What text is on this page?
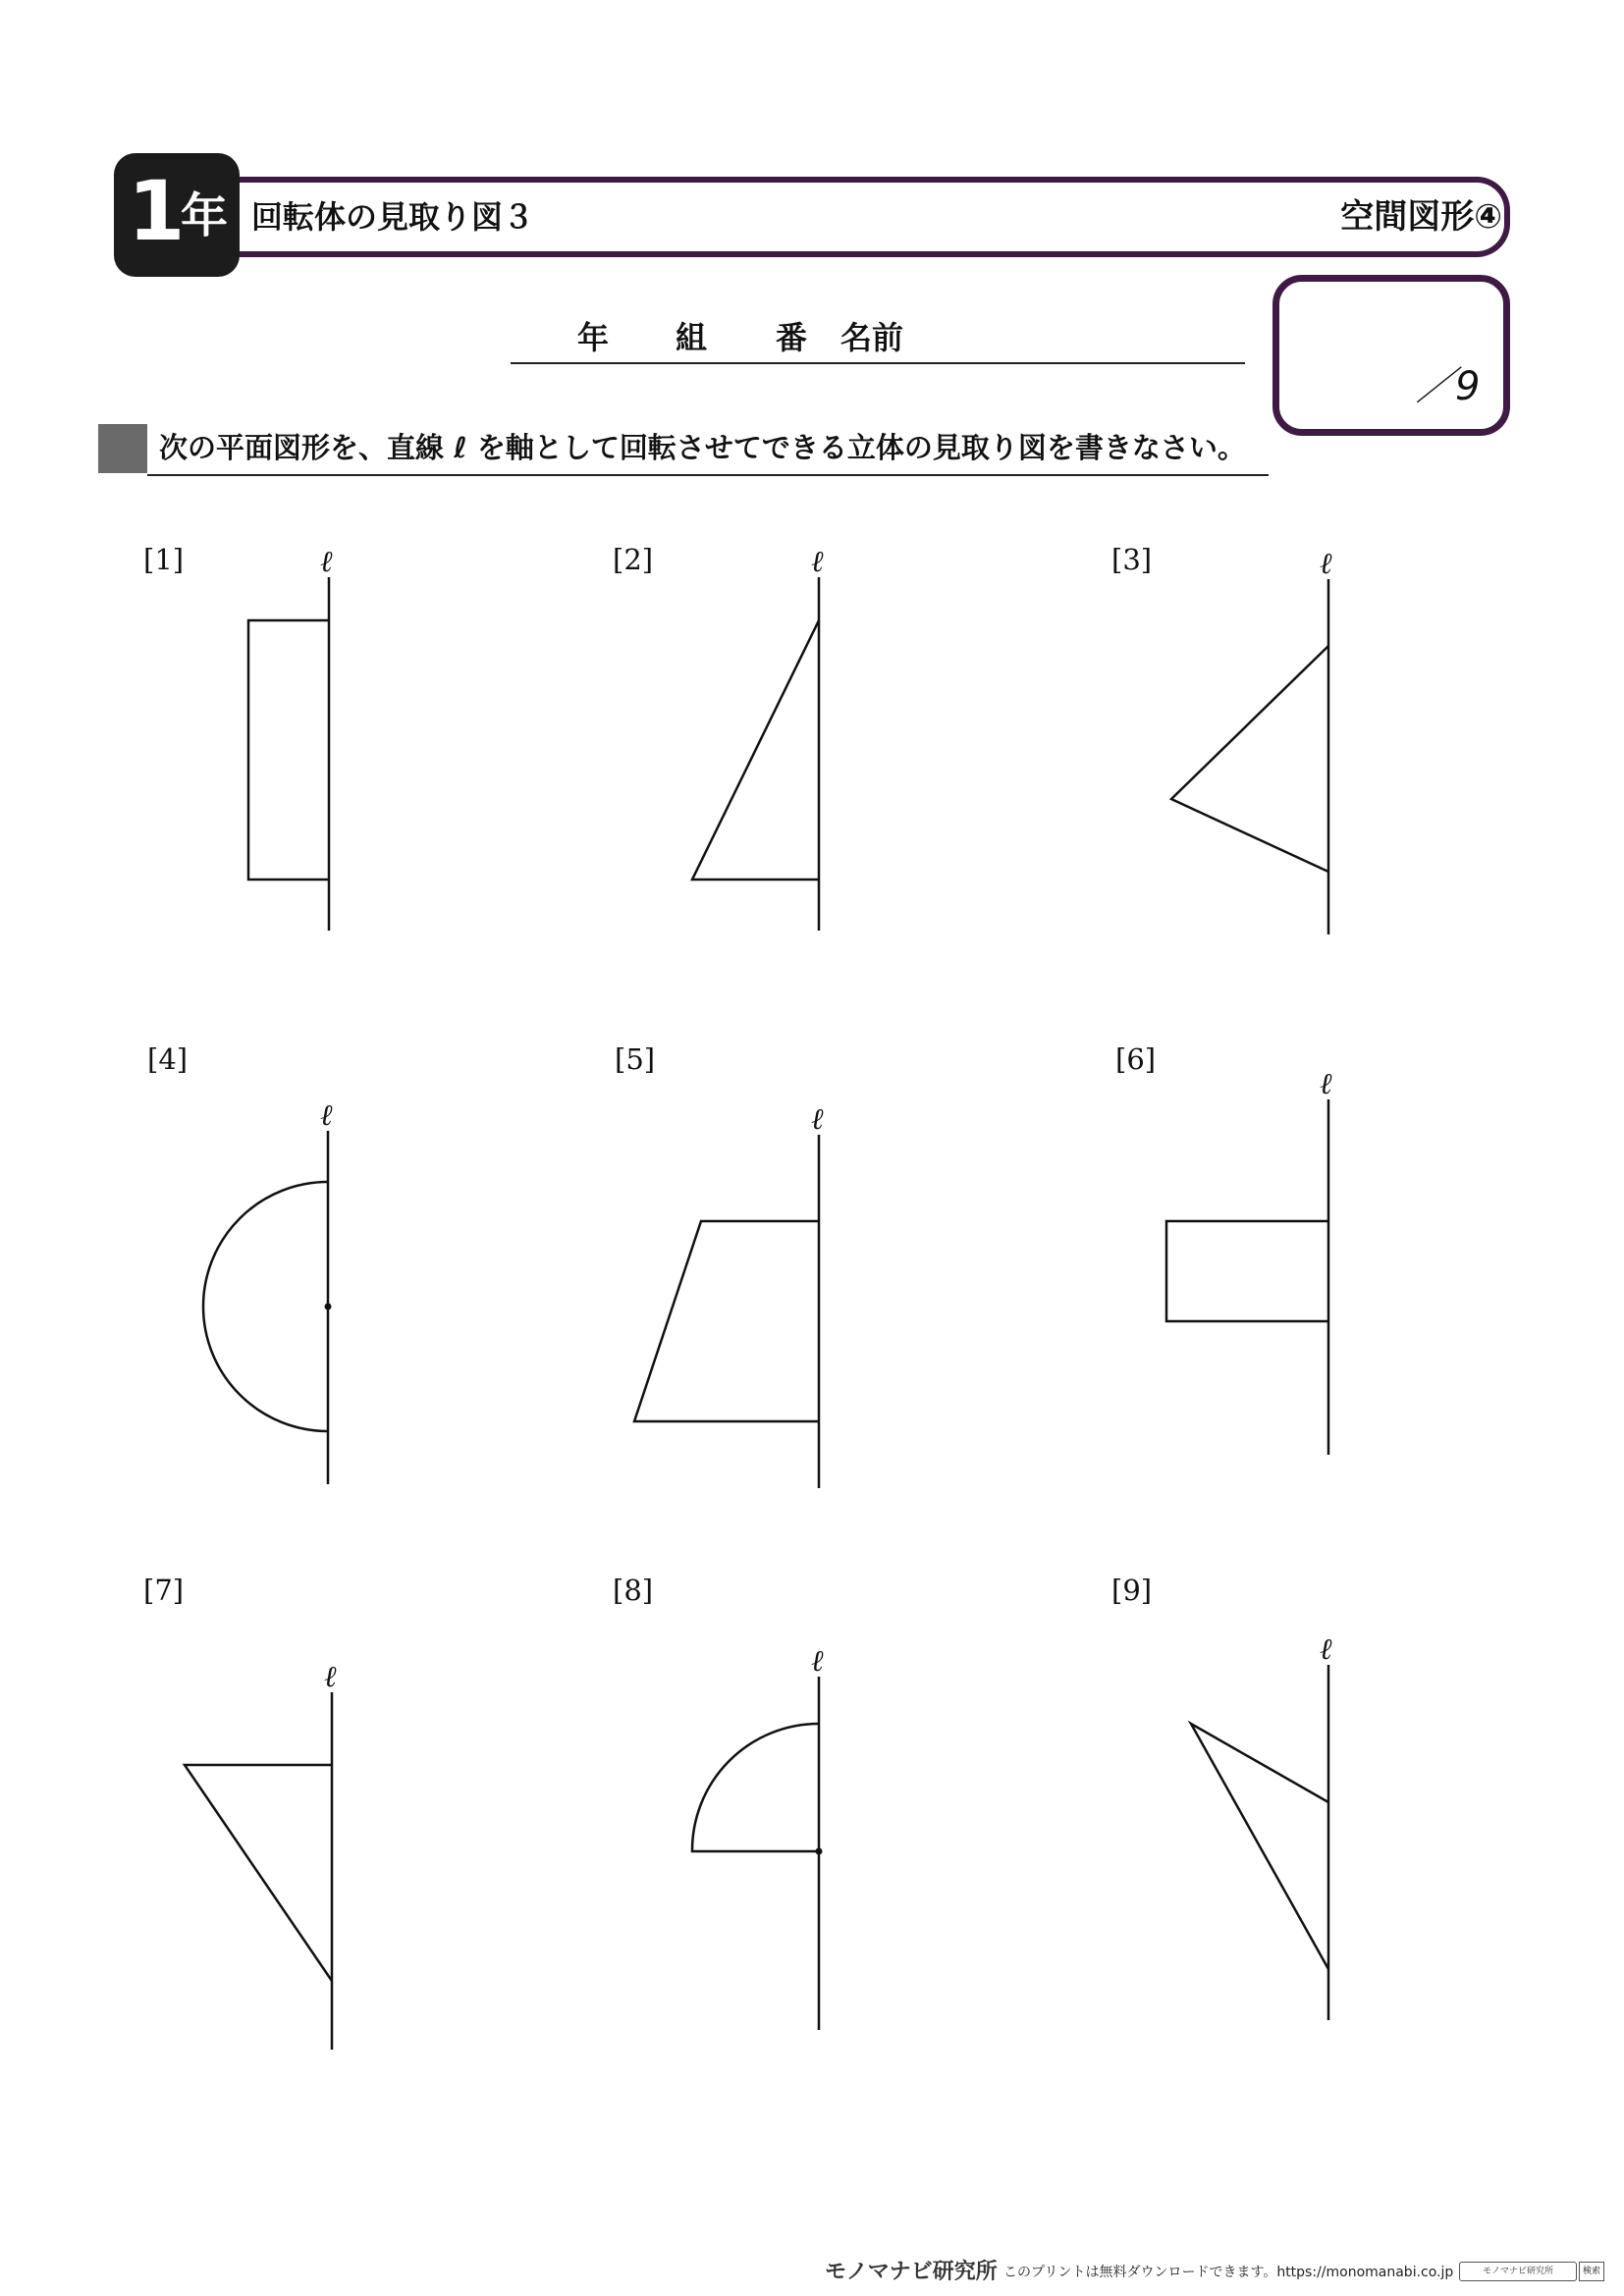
1
年 回転体の見取り図３	空間図形④
年 組 番 名前
／9
次の平面図形を、直線 ℓ を軸として回転させてできる立体の見取り図を書きなさい。
[1]	ℓ	[2]	ℓ	[3]	ℓ
[4]
ℓ
[5]
ℓ
[6]
ℓ
[7]
ℓ
[8]
ℓ
[9]
ℓ
モノマナビ研究所 このプリントは無料ダウンロードできます。https://monomanabi.co.jp	モノマナビ研究所	検索
